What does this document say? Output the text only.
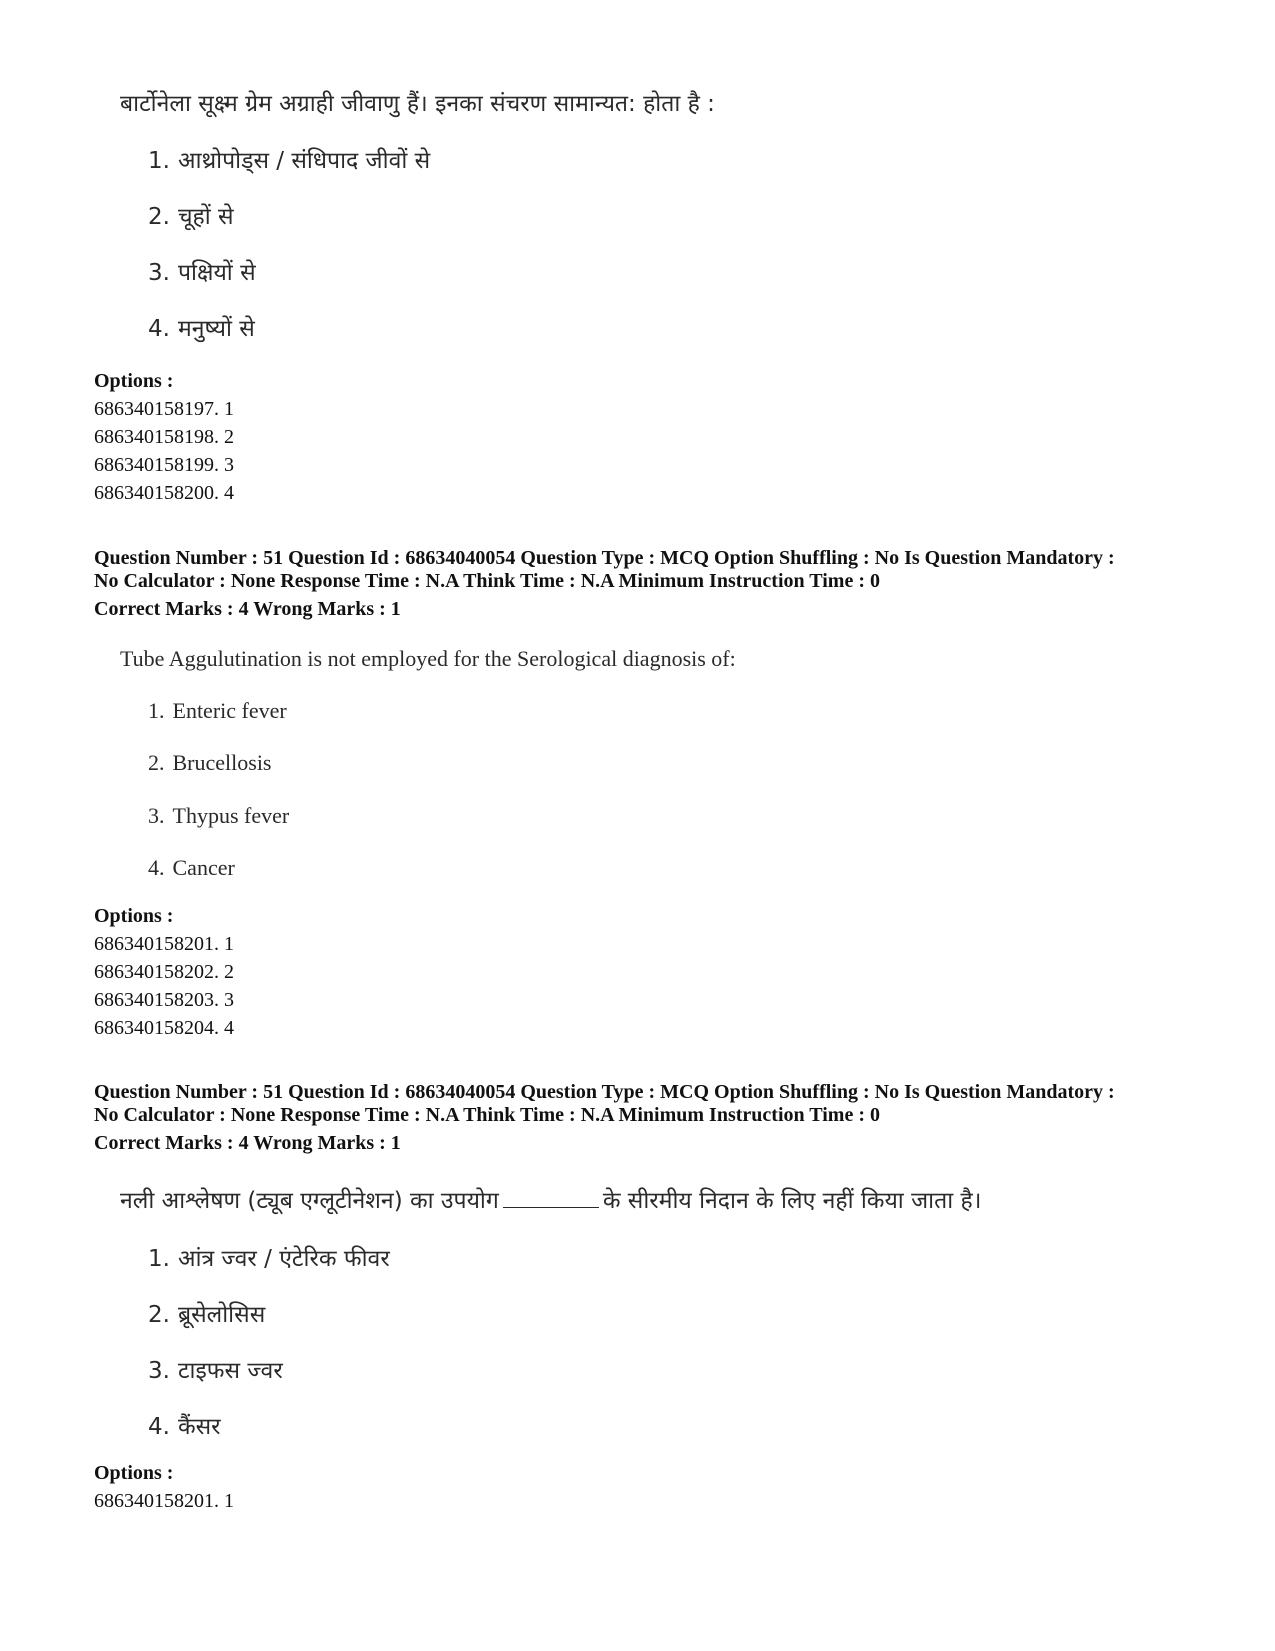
बार्टोनेला सूक्ष्म ग्रेम अग्राही जीवाणु हैं। इनका संचरण सामान्यत: होता है :
1. आथ्रोपोड्स / संधिपाद जीवों से
2. चूहों से
3. पक्षियों से
4. मनुष्यों से
Options :
686340158197. 1
686340158198. 2
686340158199. 3
686340158200. 4
Question Number : 51 Question Id : 68634040054 Question Type : MCQ Option Shuffling : No Is Question Mandatory :
No Calculator : None Response Time : N.A Think Time : N.A Minimum Instruction Time : 0
Correct Marks : 4 Wrong Marks : 1
Tube Aggulutination is not employed for the Serological diagnosis of:
1. Enteric fever
2. Brucellosis
3. Thypus fever
4. Cancer
Options :
686340158201. 1
686340158202. 2
686340158203. 3
686340158204. 4
Question Number : 51 Question Id : 68634040054 Question Type : MCQ Option Shuffling : No Is Question Mandatory :
No Calculator : None Response Time : N.A Think Time : N.A Minimum Instruction Time : 0
Correct Marks : 4 Wrong Marks : 1
नली आश्लेषण (ट्यूब एग्लूटीनेशन) का उपयोग	के सीरमीय निदान के लिए नहीं किया जाता है।
1. आंत्र ज्वर / एंटेरिक फीवर
2. ब्रूसेलोसिस
3. टाइफस ज्वर
4. कैंसर
Options :
686340158201. 1
